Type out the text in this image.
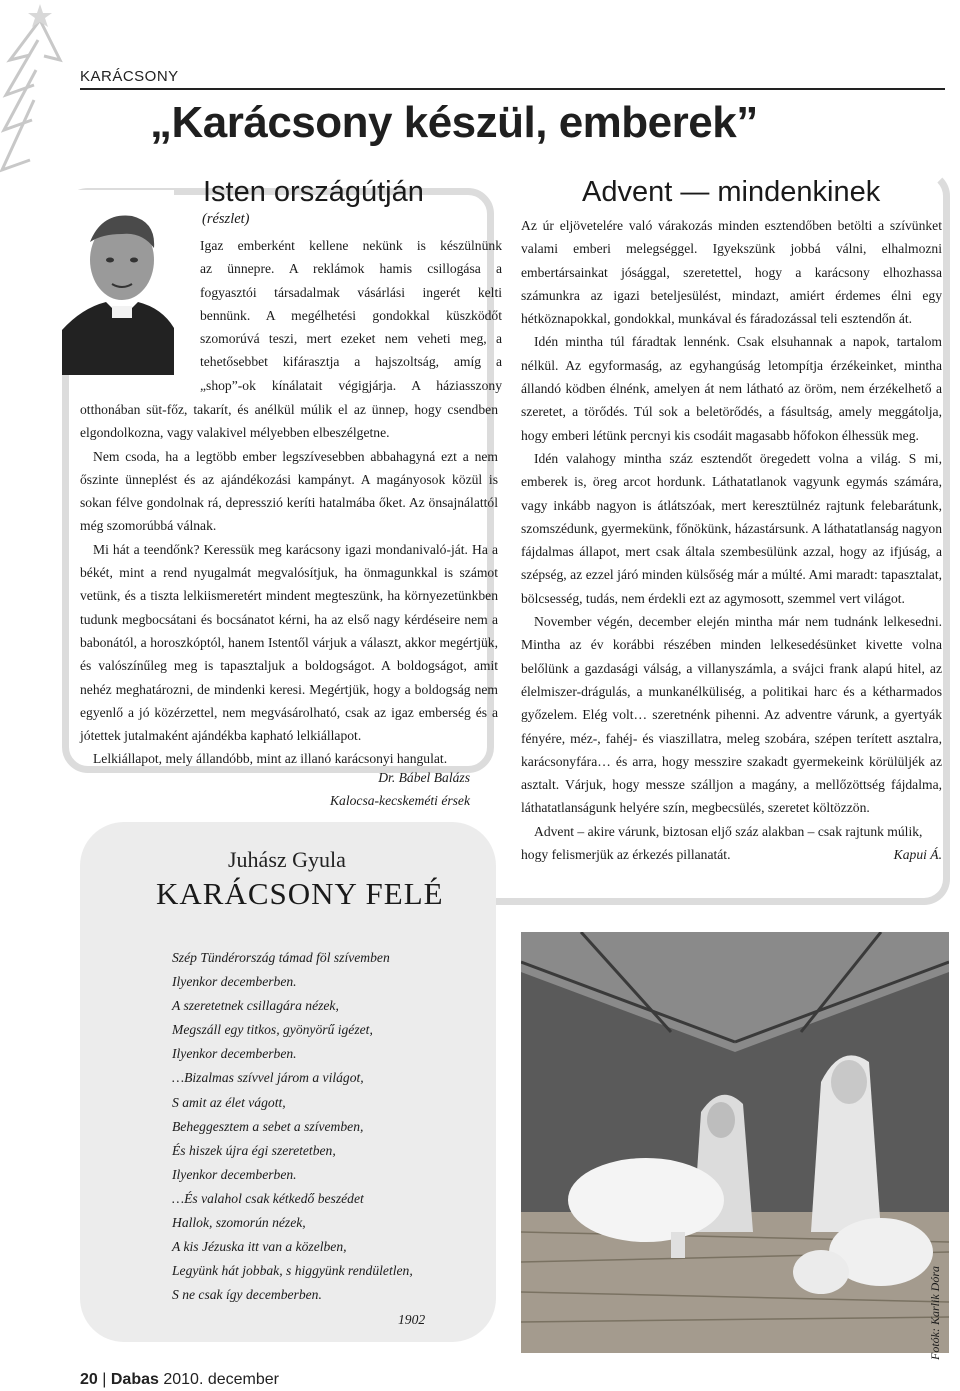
KARÁCSONY
„Karácsony készül, emberek”
Isten országútján
(részlet)
Igaz emberként kellene nekünk is készülnünk
az ünnepre. A reklámok hamis csillogása a
fogyasztói társadalmak vásárlási ingerét kelti
bennünk. A megélhetési gondokkal küszködőt
szomorúvá teszi, mert ezeket nem veheti meg, a
tehetősebbet kifárasztja a hajszoltság, amíg a
„shop”-ok kínálatait végigjárja. A háziasszony

otthonában süt-főz, takarít, és anélkül múlik el az ünnep, hogy csendben elgondolkozna, vagy valakivel mélyebben elbeszélgetne.

Nem csoda, ha a legtöbb ember legszívesebben abbahagyná ezt a nem őszinte ünneplést és az ajándékozási kampányt. A magányosok közül is sokan félve gondolnak rá, depresszió keríti hatalmába őket. Az önsajnálattól még szomorúbbá válnak.

Mi hát a teendőnk? Keressük meg karácsony igazi mondanivaló-ját. Ha a békét, mint a rend nyugalmát megvalósítjuk, ha önmagunkkal is számot vetünk, és a tiszta lelkiismeretért mindent megteszünk, ha környezetünkben tudunk megbocsátani és bocsánatot kérni, ha az első nagy kérdéseire nem a babonától, a horoszkóptól, hanem Istentől várjuk a választ, akkor megértjük, és valószínűleg meg is tapasztaljuk a boldogságot. A boldogságot, amit nehéz meghatározni, de mindenki keresi. Megértjük, hogy a boldogság nem egyenlő a jó közérzettel, nem megvásárolható, csak az igaz emberség és a jótettek jutalmaként ajándékba kapható lelkiállapot.

Lelkiállapot, mely állandóbb, mint az illanó karácsonyi hangulat.

Dr. Bábel Balázs
Kalocsa-kecskeméti érsek
Advent — mindenkinek

Az úr eljövetelére való várakozás minden esztendőben betölti a szívünket valami emberi melegséggel. Igyekszünk jobbá válni, elhalmozni embertársainkat jósággal, szeretettel, hogy a karácsony elhozhassa számunkra az igazi beteljesülést, mindazt, amiért érdemes élni egy hétköznapokkal, gondokkal, munkával és fáradozással teli esztendőn át.

Idén mintha túl fáradtak lennénk. Csak elsuhannak a napok, tartalom nélkül. Az egyformaság, az egyhangúság letompítja érzékeinket, mintha állandó ködben élnénk, amelyen át nem látható az öröm, nem érzékelhető a szeretet, a törődés. Túl sok a beletörődés, a fásultság, amely meggátolja, hogy emberi létünk percnyi kis csodáit magasabb hőfokon élhessük meg.

Idén valahogy mintha száz esztendőt öregedett volna a világ. S mi, emberek is, öreg arcot hordunk. Láthatatlanok vagyunk egymás számára, vagy inkább nagyon is átlátszóak, mert keresztülnéz rajtunk felebarátunk, szomszédunk, gyermekünk, főnökünk, házastársunk. A láthatatlanság nagyon fájdalmas állapot, mert csak általa szembesülünk azzal, hogy az ifjúság, a szépség, az ezzel járó minden külsőség már a múlté. Ami maradt: tapasztalat, bölcsesség, tudás, nem érdekli ezt az agymosott, szemmel vert világot.

November végén, december elején mintha már nem tudnánk lelkesedni. Mintha az év korábbi részében minden lelkesedésünket kivette volna belőlünk a gazdasági válság, a villanyszámla, a svájci frank alapú hitel, az élelmiszer-drágulás, a munkanélküliség, a politikai harc és a kétharmados győzelem. Elég volt… szeretnénk pihenni. Az adventre várunk, a gyertyák fényére, méz-, fahéj- és viaszillatra, meleg szobára, szépen terített asztalra, karácsonyfára… és arra, hogy messzire szakadt gyermekeink körülüljék az asztalt. Várjuk, hogy messze szálljon a magány, a mellőzöttség fájdalma, láthatatlanságunk helyére szín, megbecsülés, szeretet költözzön.

Advent – akire várunk, biztosan eljő száz alakban – csak rajtunk múlik, hogy felismerjük az érkezés pillanatát.	Kapui Á.

Juhász Gyula
KARÁCSONY FELÉ
Szép Tündérország támad föl szívemben
Ilyenkor decemberben.
A szeretetnek csillagára nézek,
Megszáll egy titkos, gyönyörű igézet,
Ilyenkor decemberben.
…Bizalmas szívvel járom a világot,
S amit az élet vágott,
Beheggesztem a sebet a szívemben,
És hiszek újra égi szeretetben,
Ilyenkor decemberben.
…És valahol csak kétkedő beszédet
Hallok, szomorún nézek,
A kis Jézuska itt van a közelben,
Legyünk hát jobbak, s higgyünk rendületlen,
S ne csak így decemberben.
1902	Fotók: Karlik Dóra
20 | Dabas 2010. december
